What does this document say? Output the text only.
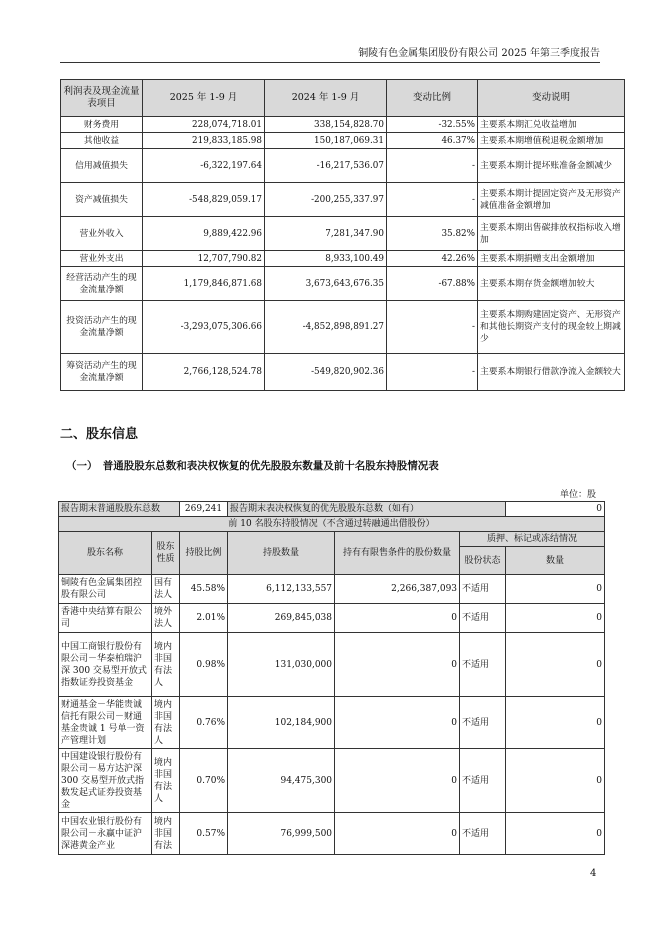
铜陵有色金属集团股份有限公司 2025 年第三季度报告
利润表及现金流量表项目	2025 年 1-9 月	2024 年 1-9 月	变动比例	变动说明
财务费用	228,074,718.01	338,154,828.70	-32.55%	主要系本期汇兑收益增加
其他收益	219,833,185.98	150,187,069.31	46.37%	主要系本期增值税退税金额增加
信用减值损失	-6,322,197.64	-16,217,536.07	-	主要系本期计提坏账准备金额减少
资产减值损失	-548,829,059.17	-200,255,337.97	-	主要系本期计提固定资产及无形资产减值准备金额增加
营业外收入	9,889,422.96	7,281,347.90	35.82%	主要系本期出售碳排放权指标收入增加
营业外支出	12,707,790.82	8,933,100.49	42.26%	主要系本期捐赠支出金额增加
经营活动产生的现金流量净额	1,179,846,871.68	3,673,643,676.35	-67.88%	主要系本期存货金额增加较大
投资活动产生的现金流量净额	-3,293,075,306.66	-4,852,898,891.27	-	主要系本期购建固定资产、无形资产和其他长期资产支付的现金较上期减少
筹资活动产生的现金流量净额	2,766,128,524.78	-549,820,902.36	-	主要系本期银行借款净流入金额较大
二、股东信息
（一）　普通股股东总数和表决权恢复的优先股股东数量及前十名股东持股情况表
单位：股
报告期末普通股股东总数		269,241	报告期末表决权恢复的优先股股东总数（如有）			0
前 10 名股东持股情况（不含通过转融通出借股份）						
股东名称	股东性质	持股比例	持股数量	持有有限售条件的股份数量	质押、标记或冻结情况	
					股份状态	数量
铜陵有色金属集团控股有限公司	国有法人	45.58%	6,112,133,557	2,266,387,093	不适用	0
香港中央结算有限公司	境外法人	2.01%	269,845,038	0	不适用	0
中国工商银行股份有限公司－华泰柏瑞沪深 300 交易型开放式指数证券投资基金	境内非国有法人	0.98%	131,030,000	0	不适用	0
财通基金－华能贵诚信托有限公司－财通基金贵诚 1 号单一资产管理计划	境内非国有法人	0.76%	102,184,900	0	不适用	0
中国建设银行股份有限公司－易方达沪深 300 交易型开放式指数发起式证券投资基金	境内非国有法人	0.70%	94,475,300	0	不适用	0
中国农业银行股份有限公司－永赢中证沪深港黄金产业	境内非国有法	0.57%	76,999,500	0	不适用	0
4
